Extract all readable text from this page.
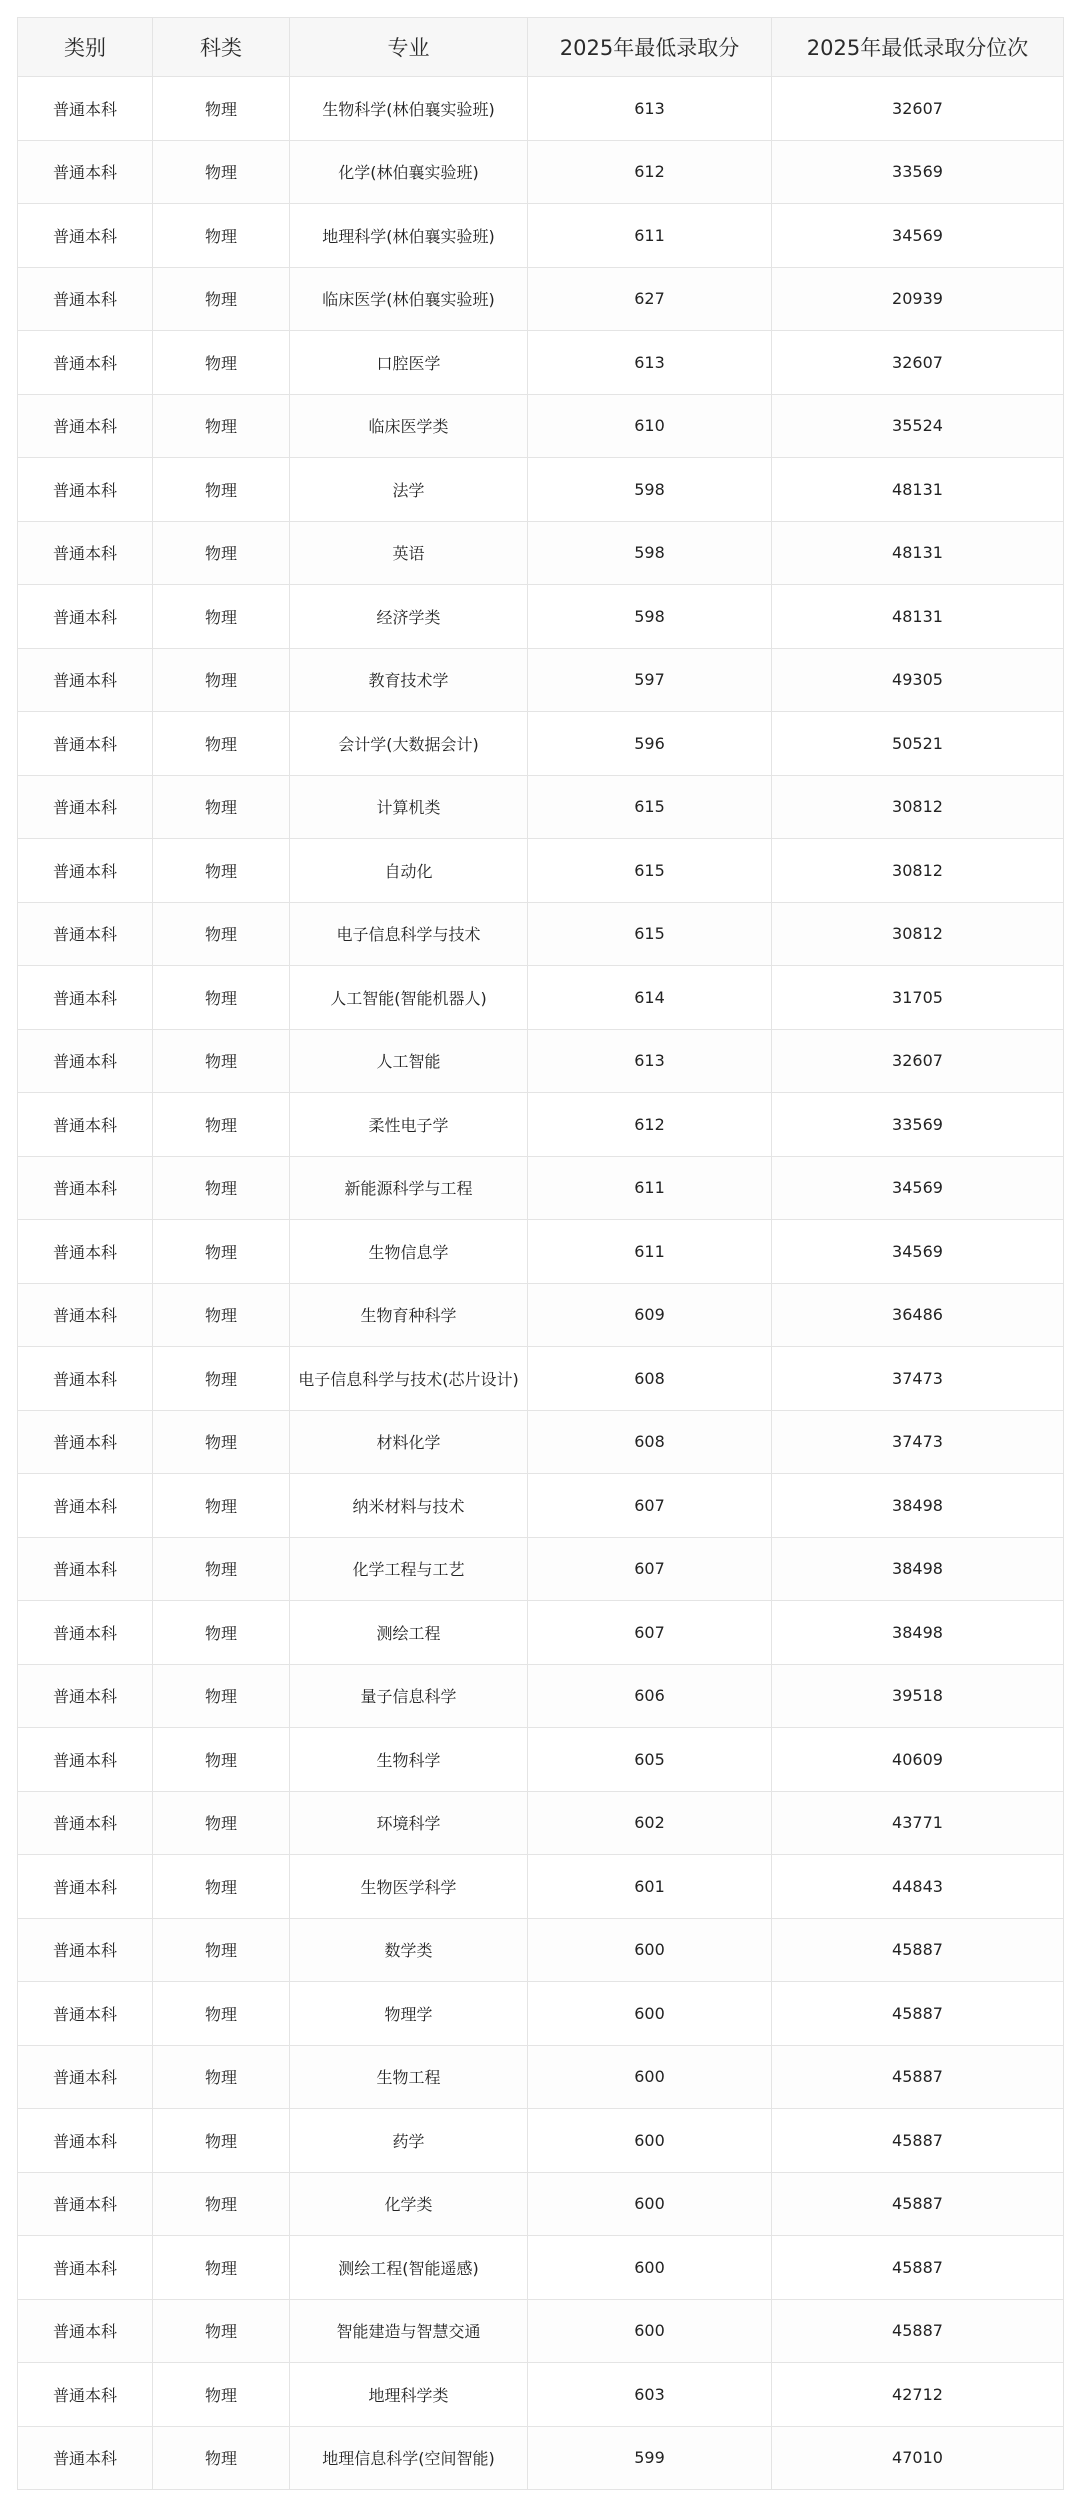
类别	科类	专业	2025年最低录取分	2025年最低录取分位次
普通本科	物理	生物科学(林伯襄实验班)	613	32607
普通本科	物理	化学(林伯襄实验班)	612	33569
普通本科	物理	地理科学(林伯襄实验班)	611	34569
普通本科	物理	临床医学(林伯襄实验班)	627	20939
普通本科	物理	口腔医学	613	32607
普通本科	物理	临床医学类	610	35524
普通本科	物理	法学	598	48131
普通本科	物理	英语	598	48131
普通本科	物理	经济学类	598	48131
普通本科	物理	教育技术学	597	49305
普通本科	物理	会计学(大数据会计)	596	50521
普通本科	物理	计算机类	615	30812
普通本科	物理	自动化	615	30812
普通本科	物理	电子信息科学与技术	615	30812
普通本科	物理	人工智能(智能机器人)	614	31705
普通本科	物理	人工智能	613	32607
普通本科	物理	柔性电子学	612	33569
普通本科	物理	新能源科学与工程	611	34569
普通本科	物理	生物信息学	611	34569
普通本科	物理	生物育种科学	609	36486
普通本科	物理	电子信息科学与技术(芯片设计)	608	37473
普通本科	物理	材料化学	608	37473
普通本科	物理	纳米材料与技术	607	38498
普通本科	物理	化学工程与工艺	607	38498
普通本科	物理	测绘工程	607	38498
普通本科	物理	量子信息科学	606	39518
普通本科	物理	生物科学	605	40609
普通本科	物理	环境科学	602	43771
普通本科	物理	生物医学科学	601	44843
普通本科	物理	数学类	600	45887
普通本科	物理	物理学	600	45887
普通本科	物理	生物工程	600	45887
普通本科	物理	药学	600	45887
普通本科	物理	化学类	600	45887
普通本科	物理	测绘工程(智能遥感)	600	45887
普通本科	物理	智能建造与智慧交通	600	45887
普通本科	物理	地理科学类	603	42712
普通本科	物理	地理信息科学(空间智能)	599	47010
